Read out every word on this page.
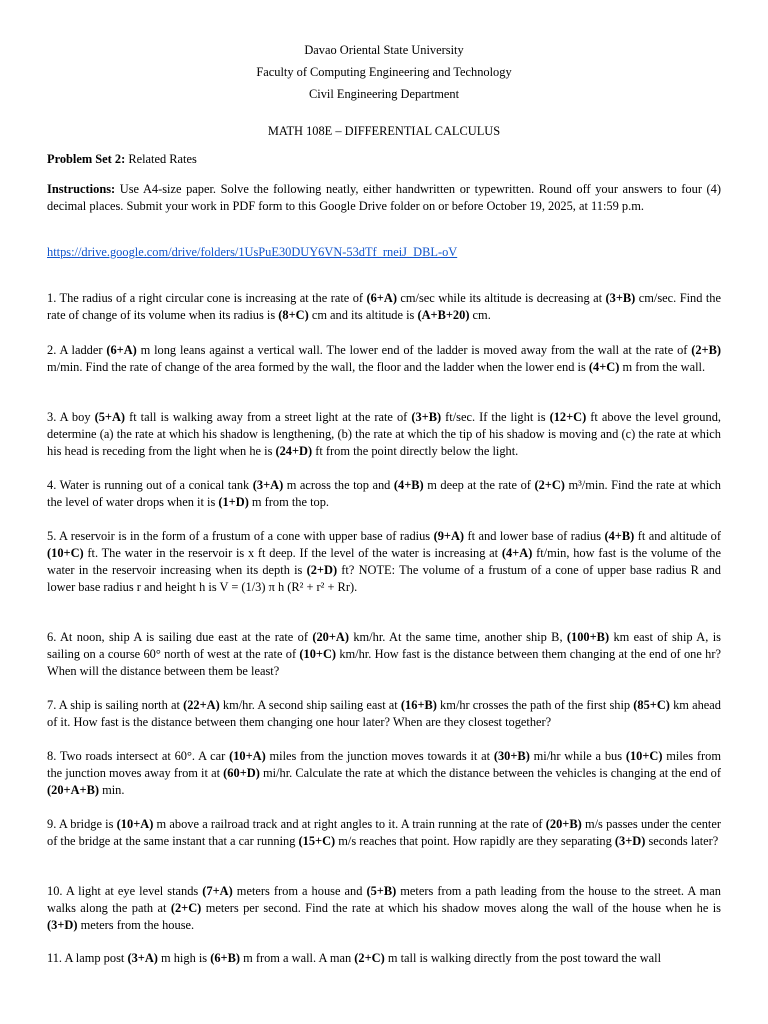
Davao Oriental State University
Faculty of Computing Engineering and Technology
Civil Engineering Department
MATH 108E – DIFFERENTIAL CALCULUS
Problem Set 2: Related Rates
Instructions: Use A4-size paper. Solve the following neatly, either handwritten or typewritten. Round off your answers to four (4) decimal places. Submit your work in PDF form to this Google Drive folder on or before October 19, 2025, at 11:59 p.m.
https://drive.google.com/drive/folders/1UsPuE30DUY6VN-53dTf_rneiJ_DBL-oV
1. The radius of a right circular cone is increasing at the rate of (6+A) cm/sec while its altitude is decreasing at (3+B) cm/sec. Find the rate of change of its volume when its radius is (8+C) cm and its altitude is (A+B+20) cm.
2. A ladder (6+A) m long leans against a vertical wall. The lower end of the ladder is moved away from the wall at the rate of (2+B) m/min. Find the rate of change of the area formed by the wall, the floor and the ladder when the lower end is (4+C) m from the wall.
3. A boy (5+A) ft tall is walking away from a street light at the rate of (3+B) ft/sec. If the light is (12+C) ft above the level ground, determine (a) the rate at which his shadow is lengthening, (b) the rate at which the tip of his shadow is moving and (c) the rate at which his head is receding from the light when he is (24+D) ft from the point directly below the light.
4. Water is running out of a conical tank (3+A) m across the top and (4+B) m deep at the rate of (2+C) m³/min. Find the rate at which the level of water drops when it is (1+D) m from the top.
5. A reservoir is in the form of a frustum of a cone with upper base of radius (9+A) ft and lower base of radius (4+B) ft and altitude of (10+C) ft. The water in the reservoir is x ft deep. If the level of the water is increasing at (4+A) ft/min, how fast is the volume of the water in the reservoir increasing when its depth is (2+D) ft? NOTE: The volume of a frustum of a cone of upper base radius R and lower base radius r and height h is V = (1/3) π h (R² + r² + Rr).
6. At noon, ship A is sailing due east at the rate of (20+A) km/hr. At the same time, another ship B, (100+B) km east of ship A, is sailing on a course 60° north of west at the rate of (10+C) km/hr. How fast is the distance between them changing at the end of one hr? When will the distance between them be least?
7. A ship is sailing north at (22+A) km/hr. A second ship sailing east at (16+B) km/hr crosses the path of the first ship (85+C) km ahead of it. How fast is the distance between them changing one hour later? When are they closest together?
8. Two roads intersect at 60°. A car (10+A) miles from the junction moves towards it at (30+B) mi/hr while a bus (10+C) miles from the junction moves away from it at (60+D) mi/hr. Calculate the rate at which the distance between the vehicles is changing at the end of (20+A+B) min.
9. A bridge is (10+A) m above a railroad track and at right angles to it. A train running at the rate of (20+B) m/s passes under the center of the bridge at the same instant that a car running (15+C) m/s reaches that point. How rapidly are they separating (3+D) seconds later?
10. A light at eye level stands (7+A) meters from a house and (5+B) meters from a path leading from the house to the street. A man walks along the path at (2+C) meters per second. Find the rate at which his shadow moves along the wall of the house when he is (3+D) meters from the house.
11. A lamp post (3+A) m high is (6+B) m from a wall. A man (2+C) m tall is walking directly from the post toward the wall
